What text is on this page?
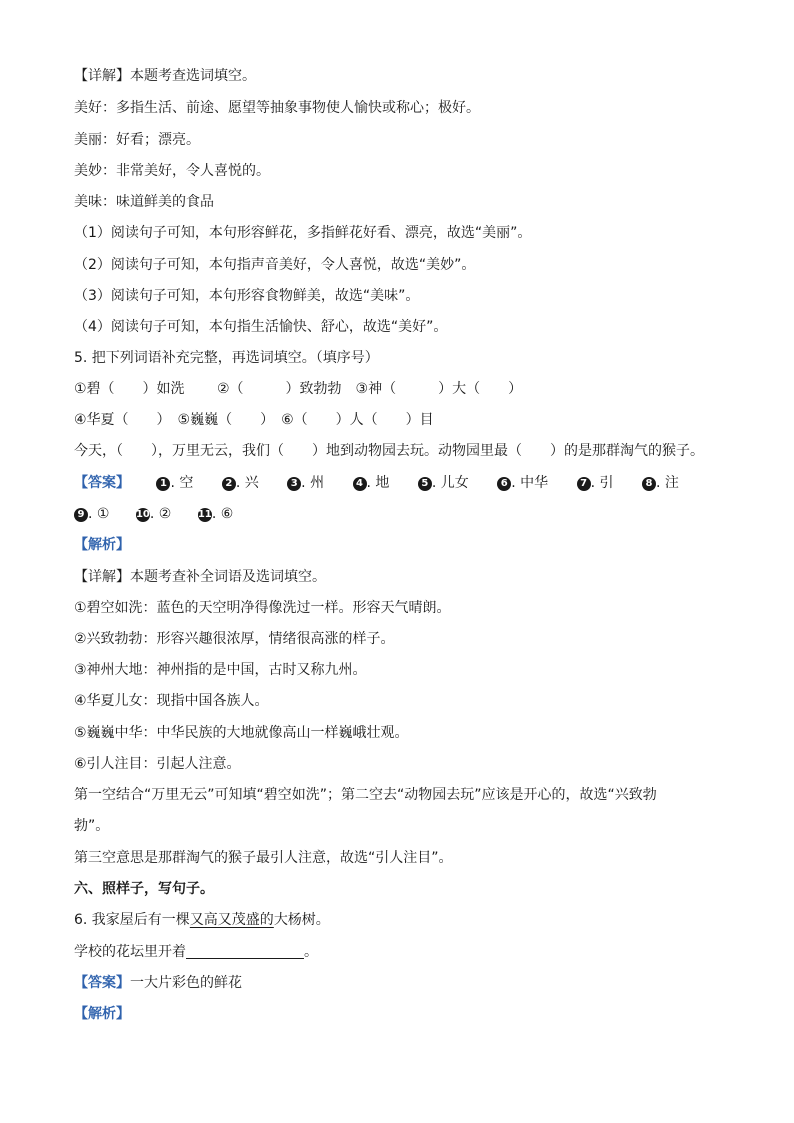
【详解】本题考查选词填空。
美好：多指生活、前途、愿望等抽象事物使人愉快或称心；极好。
美丽：好看；漂亮。
美妙：非常美好，令人喜悦的。
美味：味道鲜美的食品
（1）阅读句子可知，本句形容鲜花，多指鲜花好看、漂亮，故选“美丽”。
（2）阅读句子可知，本句指声音美好，令人喜悦，故选“美妙”。
（3）阅读句子可知，本句形容食物鲜美，故选“美味”。
（4）阅读句子可知，本句指生活愉快、舒心，故选“美好”。
5. 把下列词语补充完整，再选词填空。（填序号）
①碧（　　）如洗　　 ②（　　　）致勃勃　③神（　　　）大（　　）
④华夏（　　）　⑤巍巍（　　）　⑥（　　）人（　　）目
今天，（　　），万里无云，我们（　　）地到动物园去玩。动物园里最（　　）的是那群淘气的猴子。
【答案】	1 . 空	2 . 兴	3 . 州	4 . 地	5 . 儿女	6 . 中华	7 . 引	8 . 注
9 . ①	10. ②	11. ⑥
【解析】
【详解】本题考查补全词语及选词填空。
①碧空如洗：蓝色的天空明净得像洗过一样。形容天气晴朗。
②兴致勃勃：形容兴趣很浓厚，情绪很高涨的样子。
③神州大地：神州指的是中国，古时又称九州。
④华夏儿女：现指中国各族人。
⑤巍巍中华：中华民族的大地就像高山一样巍峨壮观。
⑥引人注目：引起人注意。
第一空结合“万里无云”可知填“碧空如洗”；第二空去“动物园去玩”应该是开心的，故选“兴致勃
勃”。
第三空意思是那群淘气的猴子最引人注意，故选“引人注目”。
六、照样子，写句子。
6. 我家屋后有一棵又高又茂盛的大杨树。
学校的花坛里开着	。
【答案】一大片彩色的鲜花
【解析】
